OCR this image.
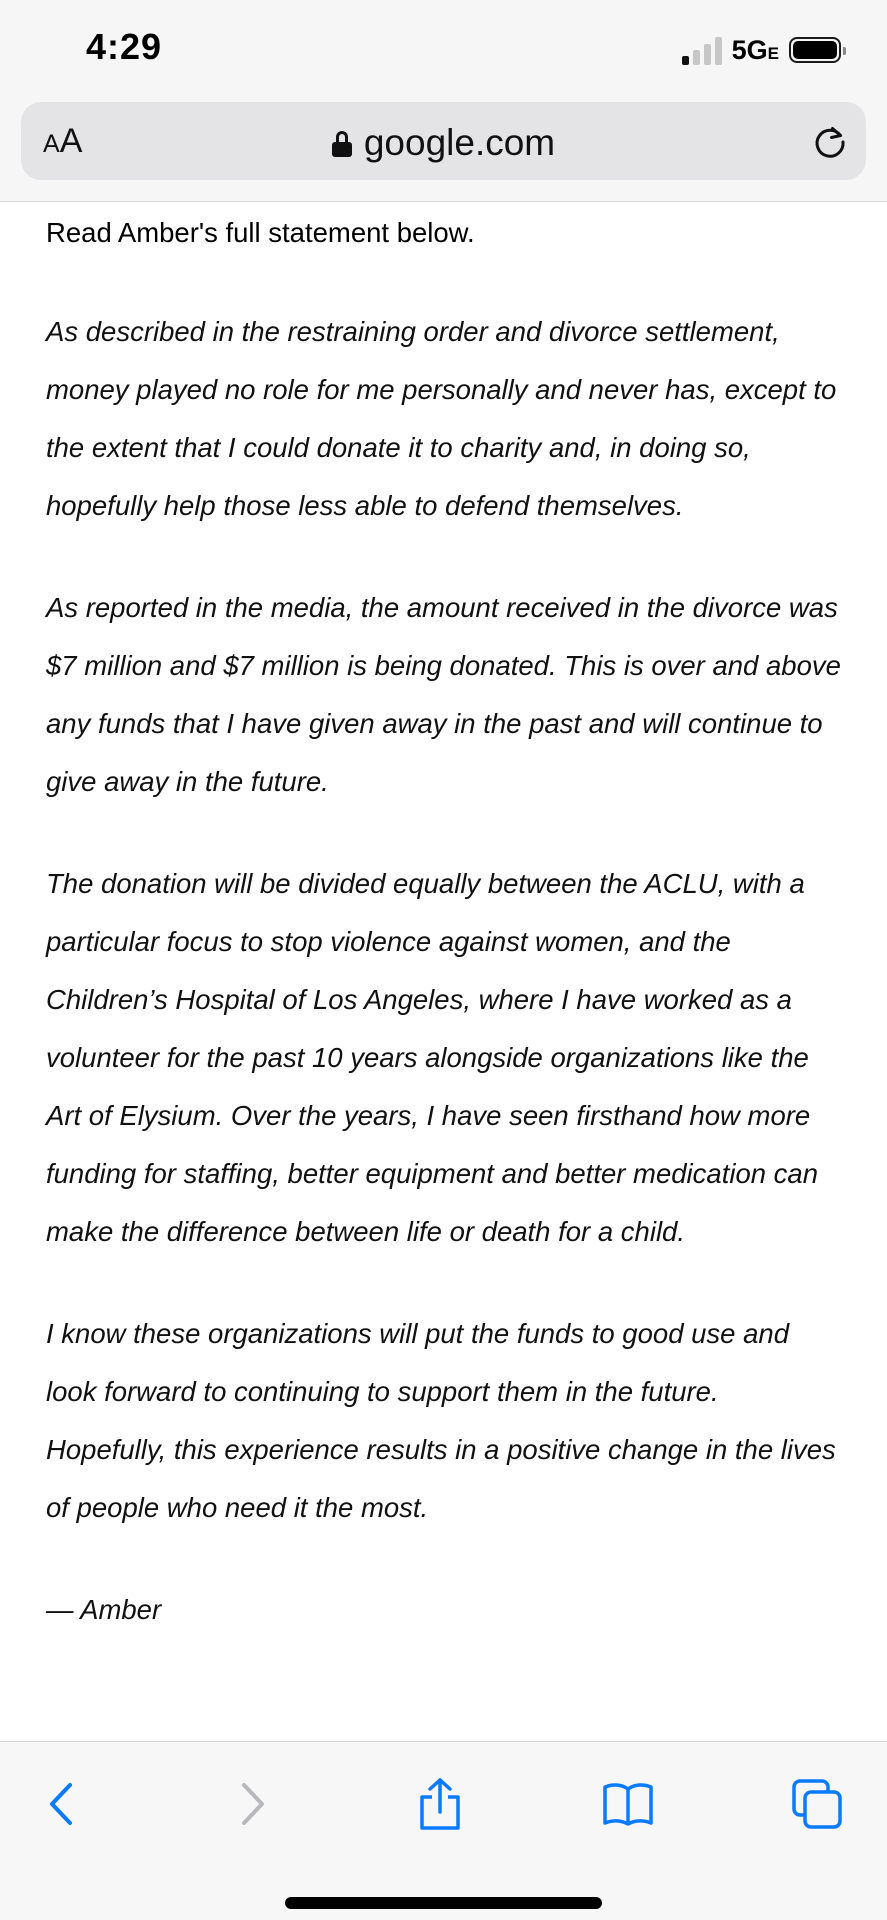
4:29	5GE
A A	google.com

Read Amber's full statement below.

As described in the restraining order and divorce settlement, money played no role for me personally and never has, except to the extent that I could donate it to charity and, in doing so, hopefully help those less able to defend themselves.

As reported in the media, the amount received in the divorce was $7 million and $7 million is being donated. This is over and above any funds that I have given away in the past and will continue to give away in the future.

The donation will be divided equally between the ACLU, with a particular focus to stop violence against women, and the Children’s Hospital of Los Angeles, where I have worked as a volunteer for the past 10 years alongside organizations like the Art of Elysium. Over the years, I have seen firsthand how more funding for staffing, better equipment and better medication can make the difference between life or death for a child.

I know these organizations will put the funds to good use and look forward to continuing to support them in the future. Hopefully, this experience results in a positive change in the lives of people who need it the most.

— Amber
